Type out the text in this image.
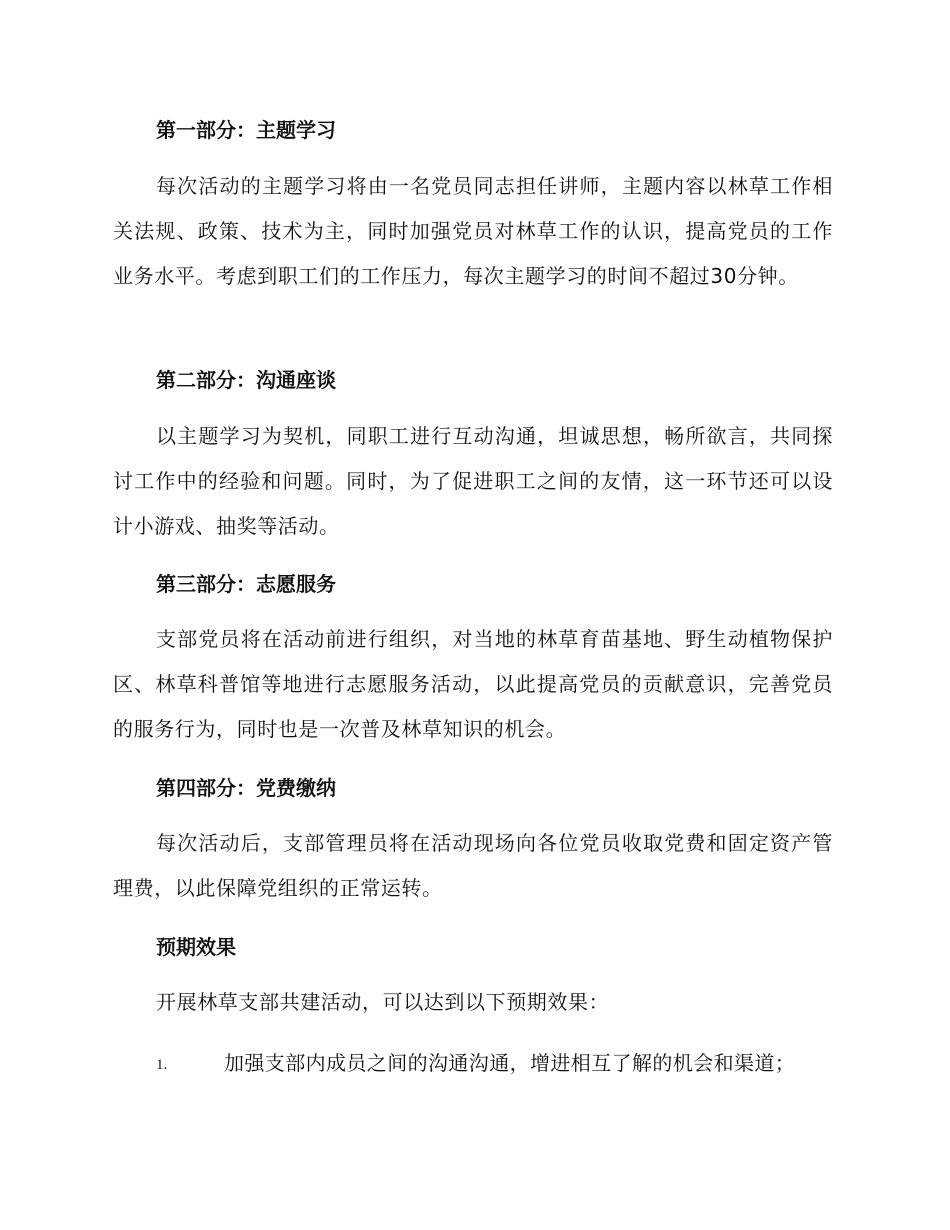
第一部分：主题学习

每次活动的主题学习将由一名党员同志担任讲师，主题内容以林草工作相关法规、政策、技术为主，同时加强党员对林草工作的认识，提高党员的工作业务水平。考虑到职工们的工作压力，每次主题学习的时间不超过30分钟。

第二部分：沟通座谈

以主题学习为契机，同职工进行互动沟通，坦诚思想，畅所欲言，共同探讨工作中的经验和问题。同时，为了促进职工之间的友情，这一环节还可以设计小游戏、抽奖等活动。

第三部分：志愿服务

支部党员将在活动前进行组织，对当地的林草育苗基地、野生动植物保护区、林草科普馆等地进行志愿服务活动，以此提高党员的贡献意识，完善党员的服务行为，同时也是一次普及林草知识的机会。

第四部分：党费缴纳

每次活动后，支部管理员将在活动现场向各位党员收取党费和固定资产管理费，以此保障党组织的正常运转。

预期效果

开展林草支部共建活动，可以达到以下预期效果：

1.	加强支部内成员之间的沟通沟通，增进相互了解的机会和渠道；
